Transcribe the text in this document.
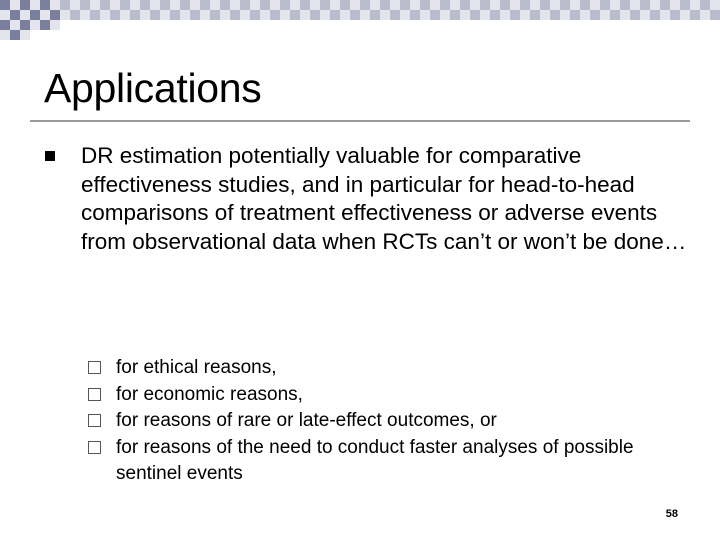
Applications
DR estimation potentially valuable for comparative effectiveness studies, and in particular for head-to-head comparisons of treatment effectiveness or adverse events from observational data when RCTs can’t or won’t be done…
for ethical reasons,
for economic reasons,
for reasons of rare or late-effect outcomes, or
for reasons of the need to conduct faster analyses of possible sentinel events
58
